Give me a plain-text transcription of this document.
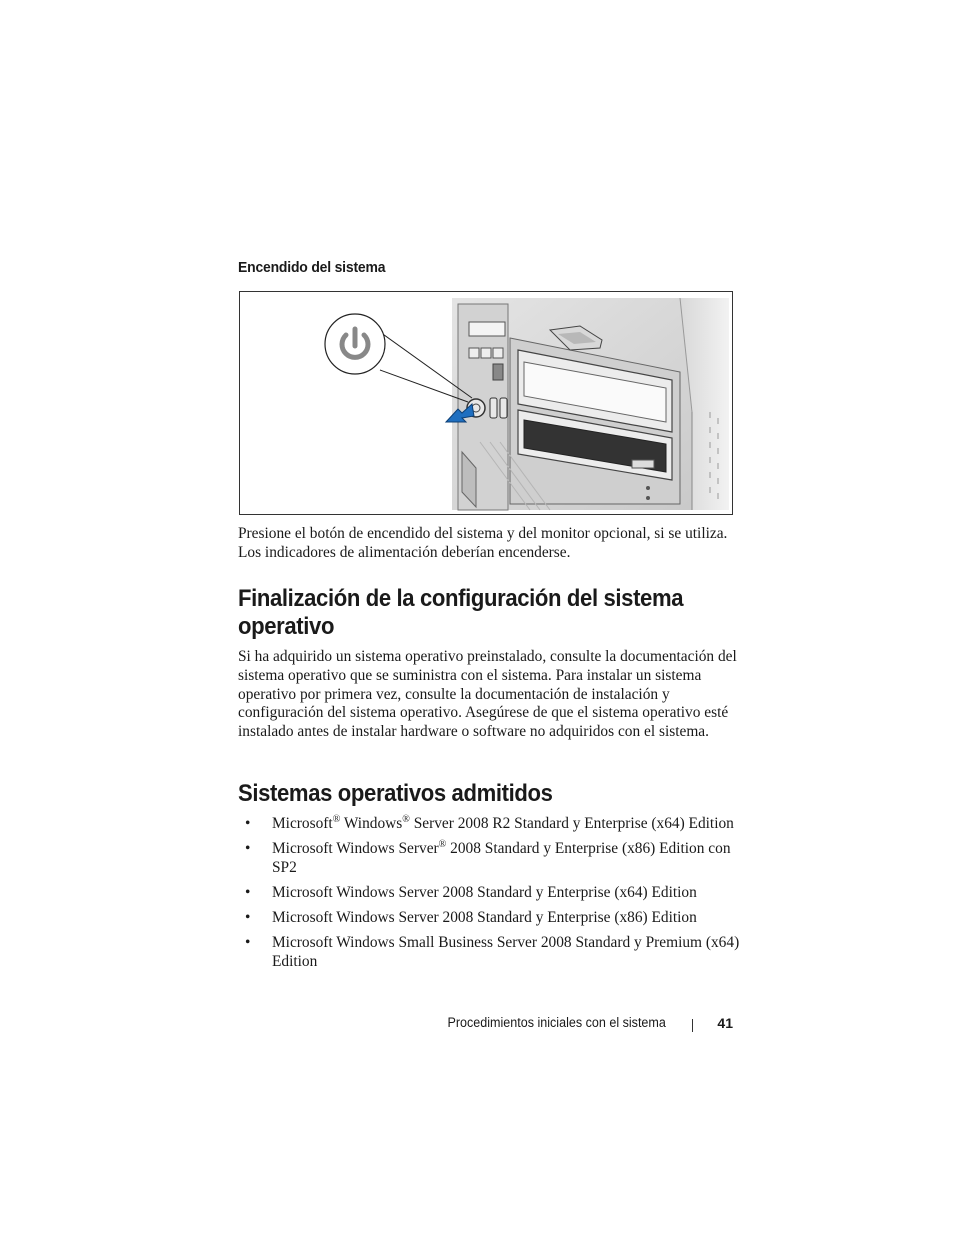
Encendido del sistema
Presione el botón de encendido del sistema y del monitor opcional, si se utiliza. Los indicadores de alimentación deberían encenderse.
Finalización de la configuración del sistema operativo
Si ha adquirido un sistema operativo preinstalado, consulte la documentación del sistema operativo que se suministra con el sistema. Para instalar un sistema operativo por primera vez, consulte la documentación de instalación y configuración del sistema operativo. Asegúrese de que el sistema operativo esté instalado antes de instalar hardware o software no adquiridos con el sistema.
Sistemas operativos admitidos
• Microsoft® Windows® Server 2008 R2 Standard y Enterprise (x64) Edition
• Microsoft Windows Server® 2008 Standard y Enterprise (x86) Edition con SP2
• Microsoft Windows Server 2008 Standard y Enterprise (x64) Edition
• Microsoft Windows Server 2008 Standard y Enterprise (x86) Edition
• Microsoft Windows Small Business Server 2008 Standard y Premium (x64) Edition
Procedimientos iniciales con el sistema	41
